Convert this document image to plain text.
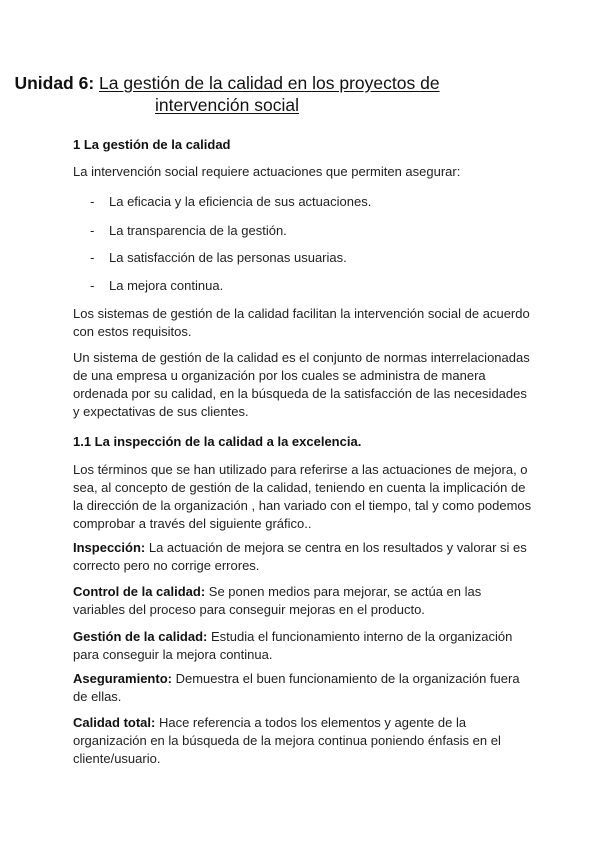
Unidad 6: La gestión de la calidad en los proyectos de
intervención social
1 La gestión de la calidad
La intervención social requiere actuaciones que permiten asegurar:
- La eficacia y la eficiencia de sus actuaciones.
- La transparencia de la gestión.
- La satisfacción de las personas usuarias.
- La mejora continua.
Los sistemas de gestión de la calidad facilitan la intervención social de acuerdo con estos requisitos.
Un sistema de gestión de la calidad es el conjunto de normas interrelacionadas de una empresa u organización por los cuales se administra de manera ordenada por su calidad, en la búsqueda de la satisfacción de las necesidades y expectativas de sus clientes.
1.1 La inspección de la calidad a la excelencia.
Los términos que se han utilizado para referirse a las actuaciones de mejora, o sea, al concepto de gestión de la calidad, teniendo en cuenta la implicación de la dirección de la organización , han variado con el tiempo, tal y como podemos comprobar a través del siguiente gráfico..
Inspección: La actuación de mejora se centra en los resultados y valorar si es correcto pero no corrige errores.
Control de la calidad: Se ponen medios para mejorar, se actúa en las variables del proceso para conseguir mejoras en el producto.
Gestión de la calidad: Estudia el funcionamiento interno de la organización para conseguir la mejora continua.
Aseguramiento: Demuestra el buen funcionamiento de la organización fuera de ellas.
Calidad total: Hace referencia a todos los elementos y agente de la organización en la búsqueda de la mejora continua poniendo énfasis en el cliente/usuario.
